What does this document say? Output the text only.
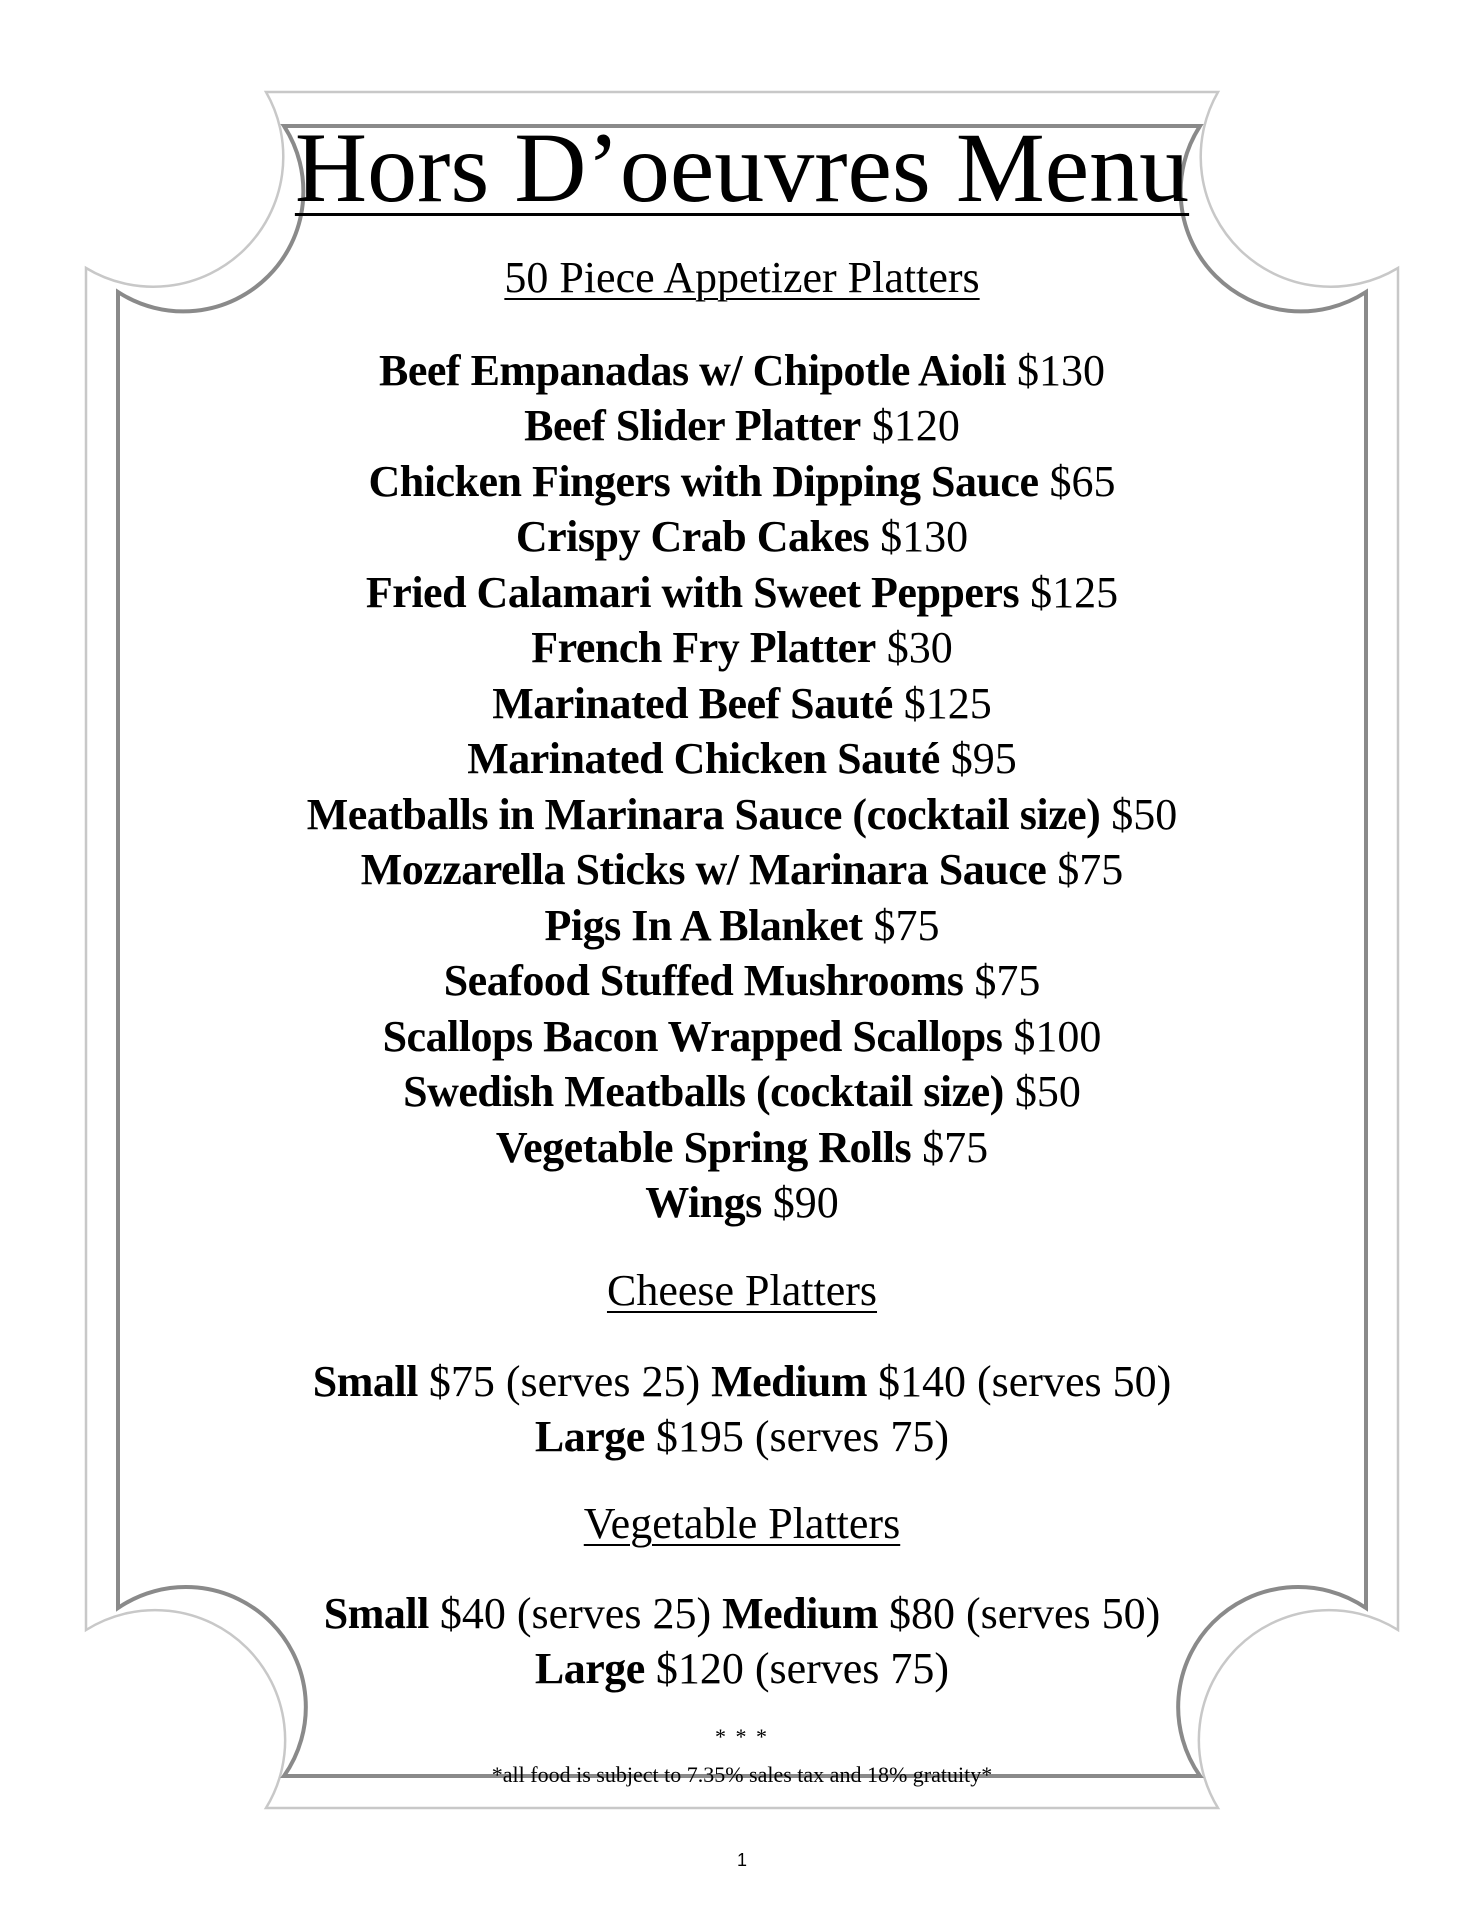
Hors D’oeuvres Menu
50 Piece Appetizer Platters
Beef Empanadas w/ Chipotle Aioli $130
Beef Slider Platter $120
Chicken Fingers with Dipping Sauce $65
Crispy Crab Cakes $130
Fried Calamari with Sweet Peppers $125
French Fry Platter $30
Marinated Beef Sauté $125
Marinated Chicken Sauté $95
Meatballs in Marinara Sauce (cocktail size) $50
Mozzarella Sticks w/ Marinara Sauce $75
Pigs In A Blanket $75
Seafood Stuffed Mushrooms $75
Scallops Bacon Wrapped Scallops $100
Swedish Meatballs (cocktail size) $50
Vegetable Spring Rolls $75
Wings $90
Cheese Platters
Small $75 (serves 25) Medium $140 (serves 50)
Large $195 (serves 75)
Vegetable Platters
Small $40 (serves 25) Medium $80 (serves 50)
Large $120 (serves 75)
* * *
*all food is subject to 7.35% sales tax and 18% gratuity*
1
